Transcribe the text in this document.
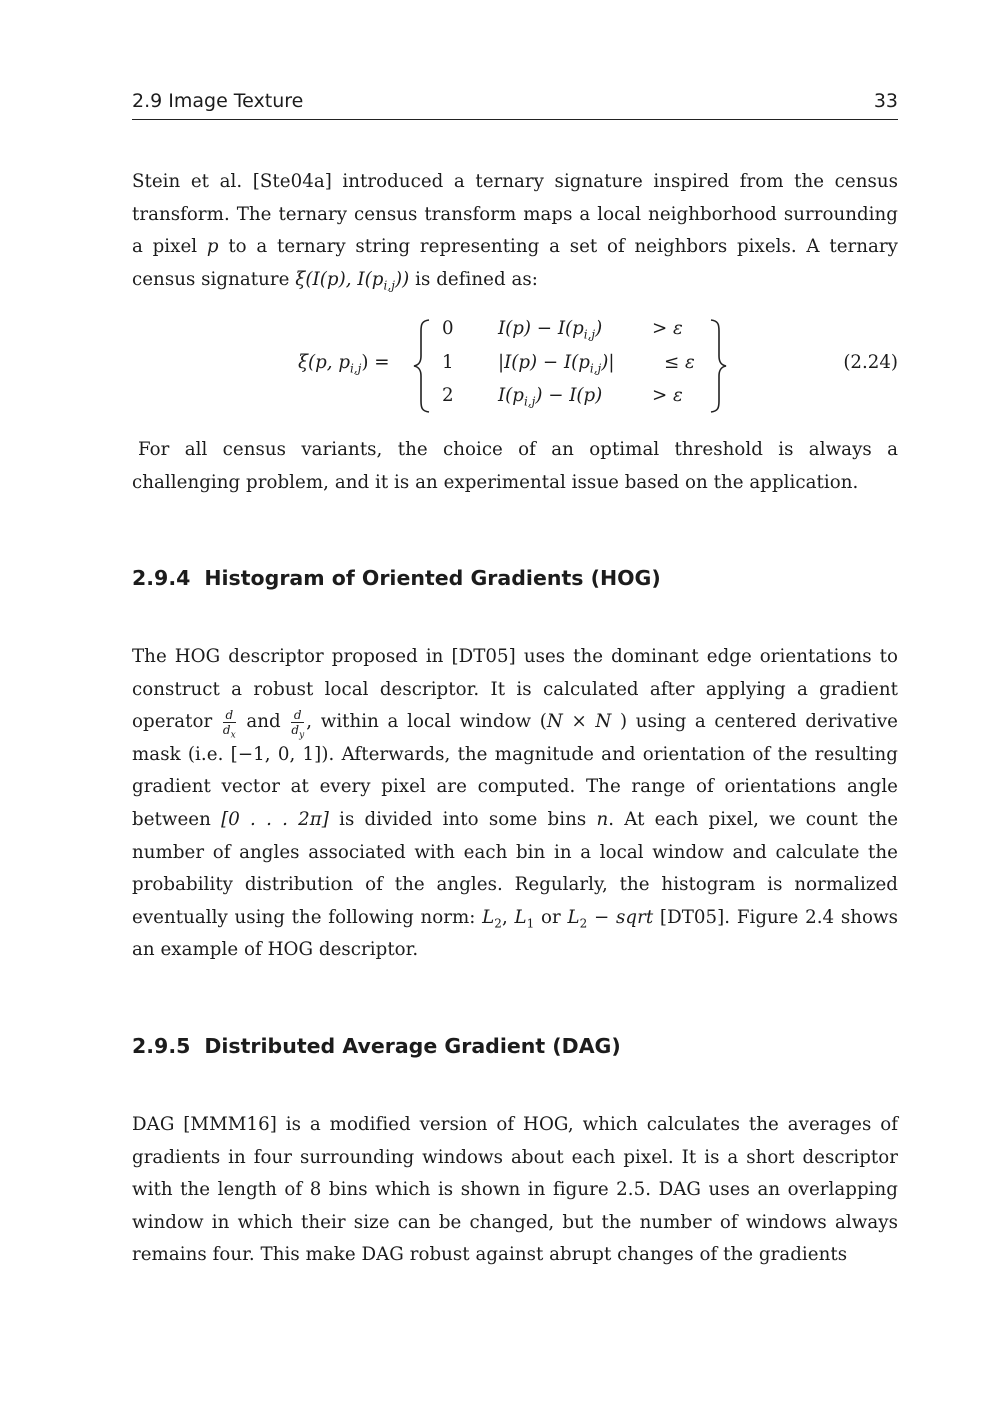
2.9 Image Texture	33

Stein et al. [Ste04a] introduced a ternary signature inspired from the census transform. The ternary census transform maps a local neighborhood surrounding a pixel p to a ternary string representing a set of neighbors pixels. A ternary census signature ξ(I(p), $I(p_{i,j})$) is defined as:

ξ(p, $p_{i,j}$) =
0 $I(p) - I(p_{i,j})$	> ε
1 $|I(p) - I(p_{i,j})|$	≤ ε
2 $I(p_{i,j}) - I(p)$	> ε
(2.24)

For all census variants, the choice of an optimal threshold is always a challenging problem, and it is an experimental issue based on the application.

2.9.4 Histogram of Oriented Gradients (HOG)

The HOG descriptor proposed in [DT05] uses the dominant edge orientations to construct a robust local descriptor. It is calculated after applying a gradient operator $\frac{d}{d_x}$ and $\frac{d}{d_y}$ , within a local window (N × N ) using a centered derivative mask (i.e. [−1, 0, 1]). Afterwards, the magnitude and orientation of the resulting gradient vector at every pixel are computed. The range of orientations angle between [0 . . . 2π] is divided into some bins n. At each pixel, we count the number of angles associated with each bin in a local window and calculate the probability distribution of the angles. Regularly, the histogram is normalized eventually using the following norm: $L_2$, $L_1$ or $L_2$ − sqrt [DT05]. Figure 2.4 shows an example of HOG descriptor.

2.9.5 Distributed Average Gradient (DAG)

DAG [MMM16] is a modified version of HOG, which calculates the averages of gradients in four surrounding windows about each pixel. It is a short descriptor with the length of 8 bins which is shown in figure 2.5. DAG uses an overlapping window in which their size can be changed, but the number of windows always remains four. This make DAG robust against abrupt changes of the gradients
